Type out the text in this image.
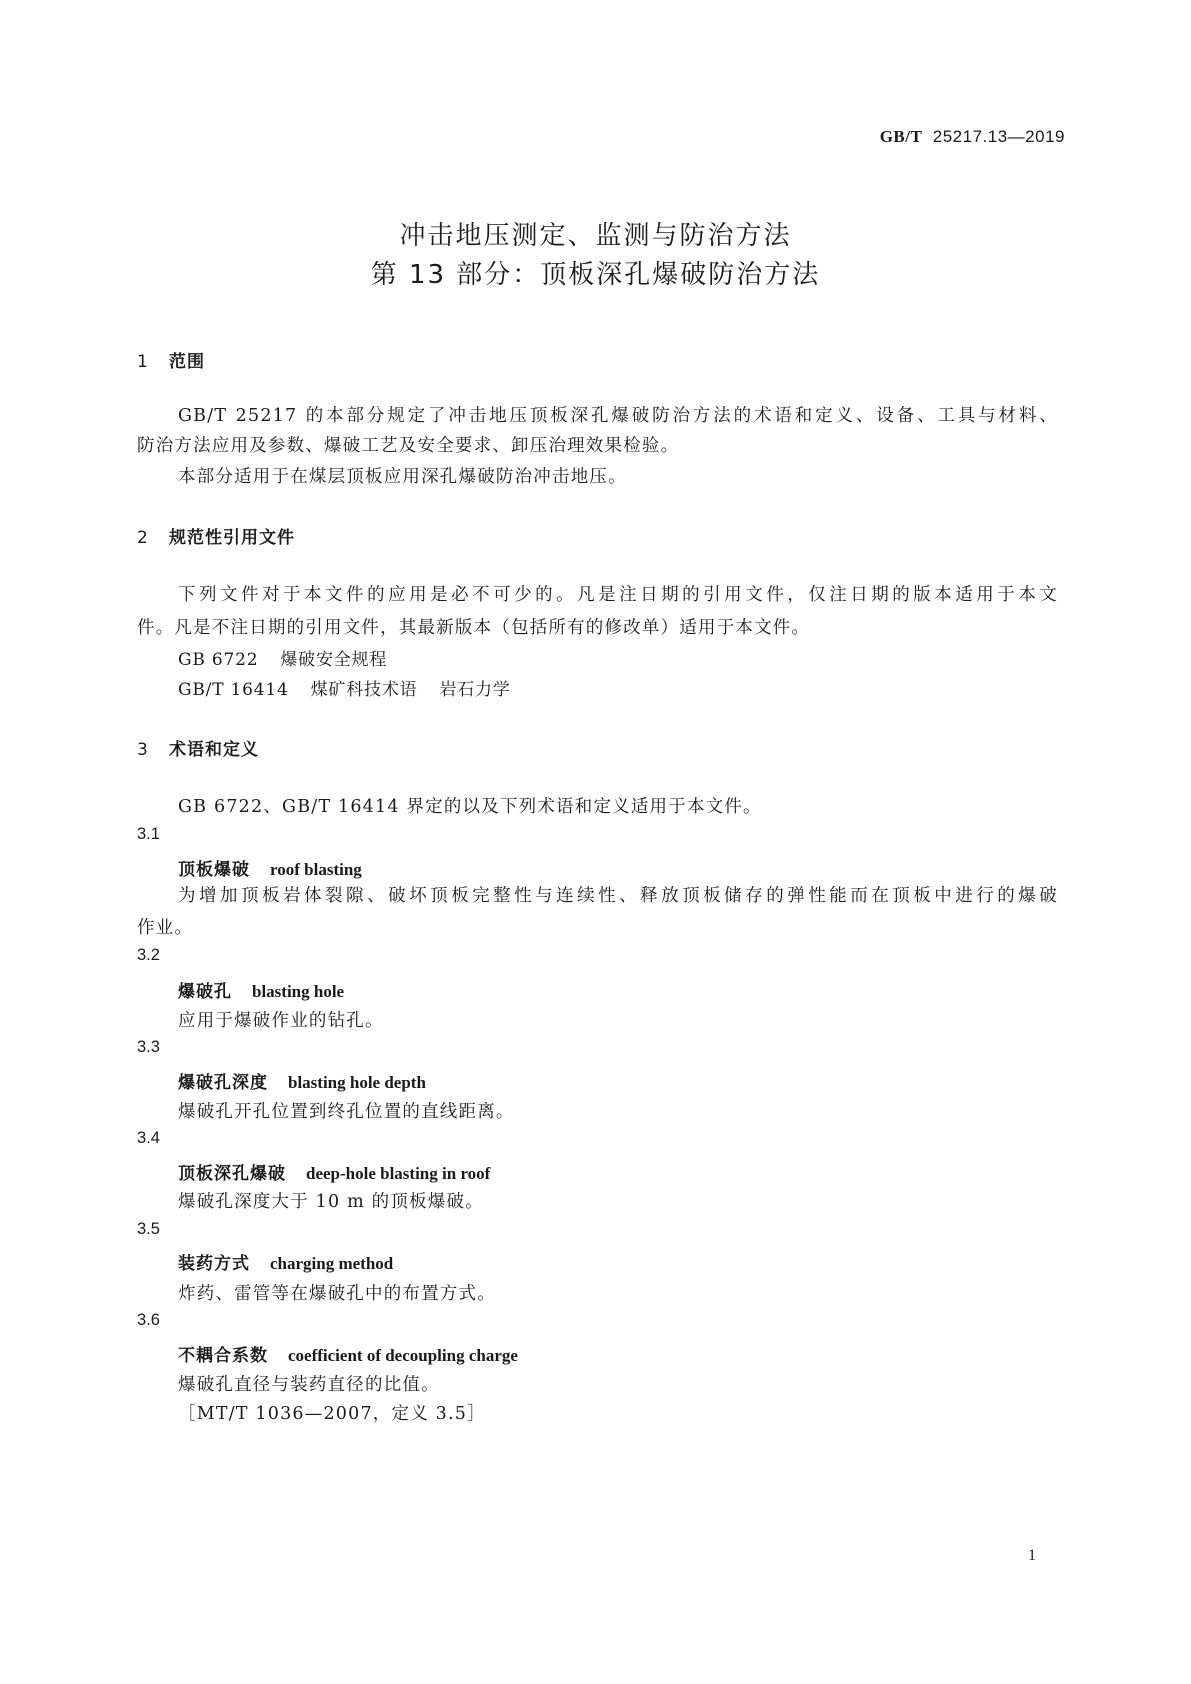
GB/T 25217.13—2019
冲击地压测定、监测与防治方法
第 13 部分：顶板深孔爆破防治方法
1 范围
GB/T 25217 的本部分规定了冲击地压顶板深孔爆破防治方法的术语和定义、设备、工具与材料、
防治方法应用及参数、爆破工艺及安全要求、卸压治理效果检验。
本部分适用于在煤层顶板应用深孔爆破防治冲击地压。
2 规范性引用文件
下列文件对于本文件的应用是必不可少的。凡是注日期的引用文件，仅注日期的版本适用于本文
件。凡是不注日期的引用文件，其最新版本（包括所有的修改单）适用于本文件。
GB 6722 爆破安全规程
GB/T 16414 煤矿科技术语 岩石力学
3 术语和定义
GB 6722、GB/T 16414 界定的以及下列术语和定义适用于本文件。
3.1
顶板爆破 roof blasting
为增加顶板岩体裂隙、破坏顶板完整性与连续性、释放顶板储存的弹性能而在顶板中进行的爆破
作业。
3.2
爆破孔 blasting hole
应用于爆破作业的钻孔。
3.3
爆破孔深度 blasting hole depth
爆破孔开孔位置到终孔位置的直线距离。
3.4
顶板深孔爆破 deep-hole blasting in roof
爆破孔深度大于 10 m 的顶板爆破。
3.5
装药方式 charging method
炸药、雷管等在爆破孔中的布置方式。
3.6
不耦合系数 coefficient of decoupling charge
爆破孔直径与装药直径的比值。
［MT/T 1036—2007，定义 3.5］
1
